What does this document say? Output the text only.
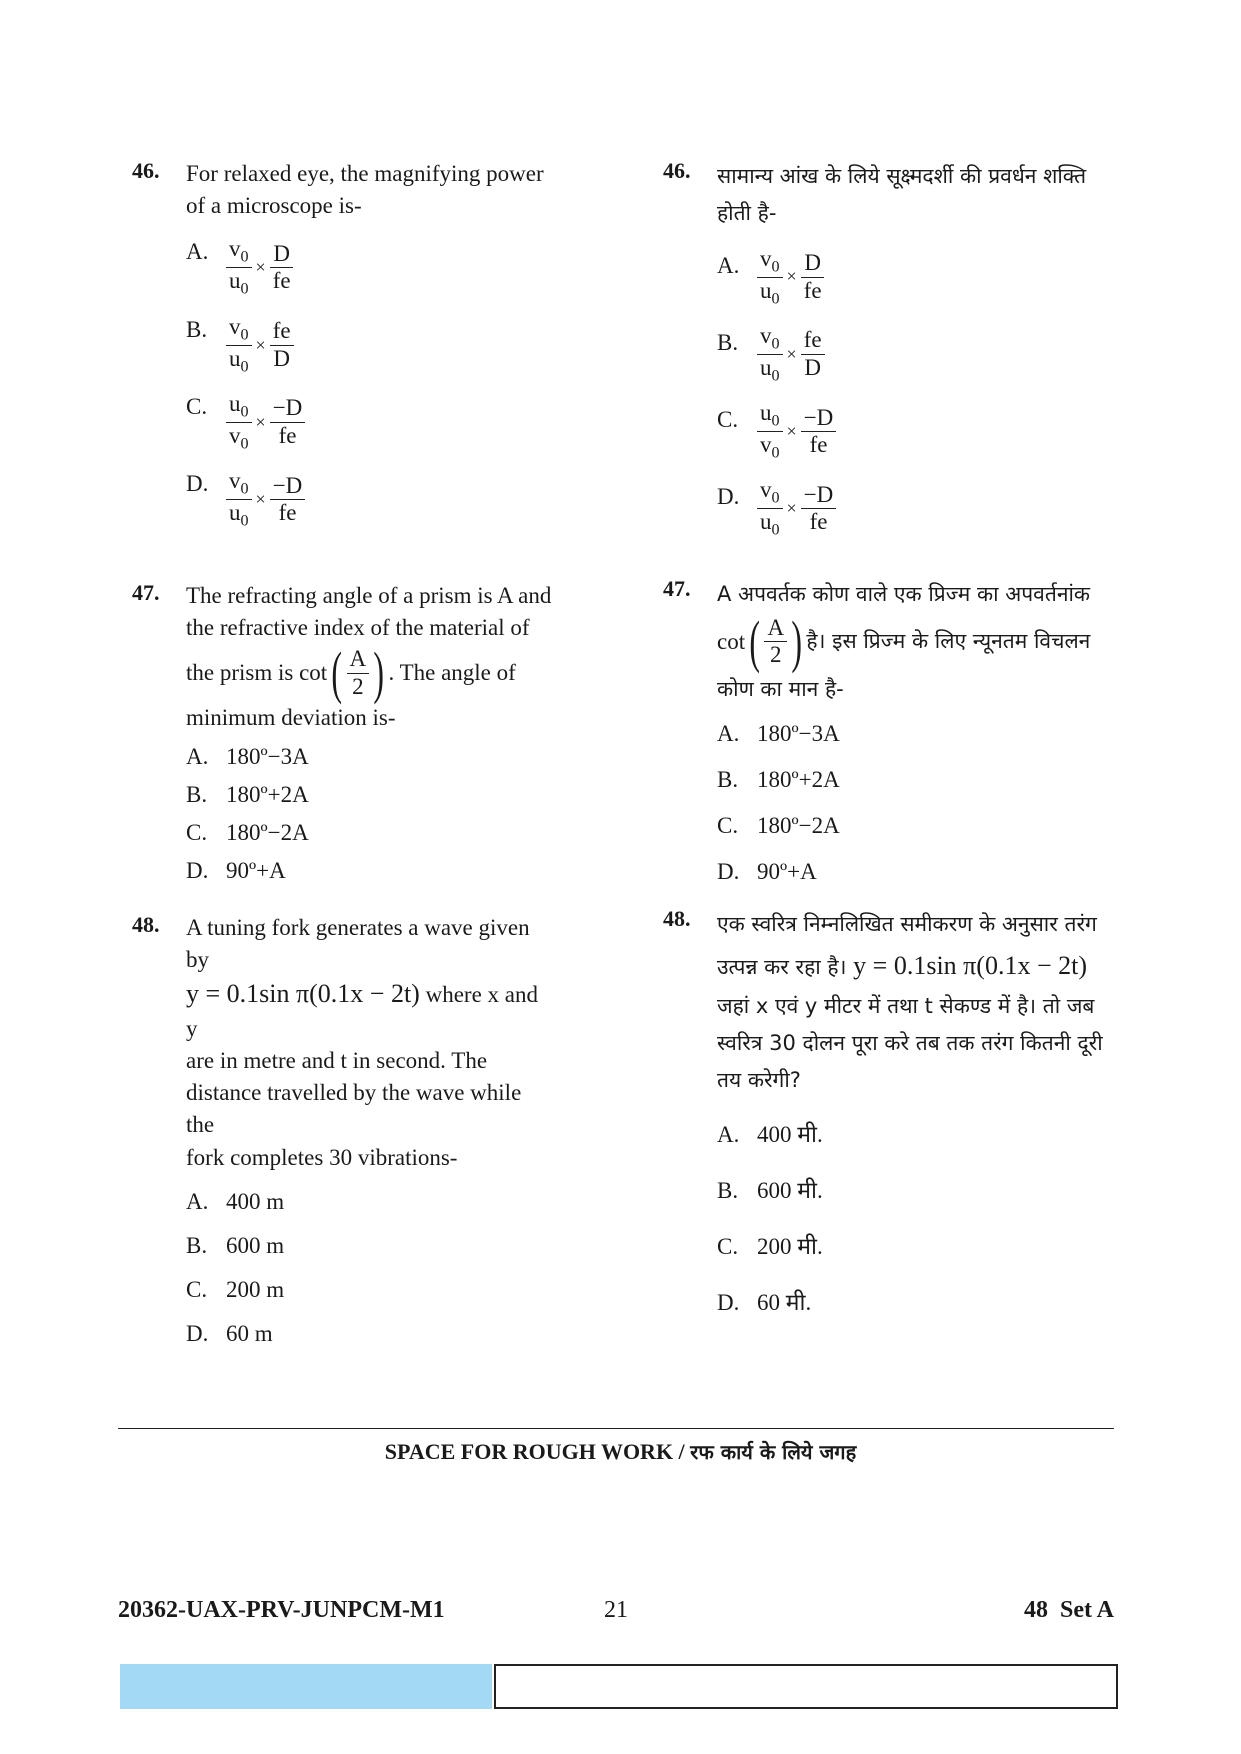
46. For relaxed eye, the magnifying power
of a microscope is-
A. $\frac{v_0}{u_0} \times \frac{D}{fe}$
B. $\frac{v_0}{u_0} \times \frac{fe}{D}$
C. $\frac{u_0}{v_0} \times \frac{-D}{fe}$
D. $\frac{v_0}{u_0} \times \frac{-D}{fe}$
47. The refracting angle of a prism is A and
the refractive index of the material of
the prism is
cot ( $\frac{A}{2}$ ) . The angle of
minimum deviation is-
A. 180º−3A
B. 180º+2A
C. 180º−2A
D. 90º+A
48. A tuning fork generates a wave given by
y = 0.1sin π(0.1x − 2t) where x and y
are in metre and t in second. The
distance travelled by the wave while the
fork completes 30 vibrations-
A. 400 m
B. 600 m
C. 200 m
D. 60 m
46. सामान्य आंख के लिये सूक्ष्मदर्शी की प्रवर्धन शक्ति
होती है-
A. $\frac{v_0}{u_0} \times \frac{D}{fe}$
B. $\frac{v_0}{u_0} \times \frac{fe}{D}$
C. $\frac{u_0}{v_0} \times \frac{-D}{fe}$
D. $\frac{v_0}{u_0} \times \frac{-D}{fe}$
47. A अपवर्तक कोण वाले एक प्रिज्म का अपवर्तनांक
cot ( $\frac{A}{2}$ ) है। इस प्रिज्म के लिए न्यूनतम विचलन
कोण का मान है-
A. 180º−3A
B. 180º+2A
C. 180º−2A
D. 90º+A
48. एक स्वरित्र निम्नलिखित समीकरण के अनुसार तरंग
उत्पन्न कर रहा है। y = 0.1sin π(0.1x − 2t)
जहां x एवं y मीटर में तथा t सेकण्ड में है। तो जब
स्वरित्र 30 दोलन पूरा करे तब तक तरंग कितनी दूरी
तय करेगी?
A. 400 मी.
B. 600 मी.
C. 200 मी.
D. 60 मी.
SPACE FOR ROUGH WORK / रफ कार्य के लिये जगह
20362-UAX-PRV-JUNPCM-M1	21	48  Set A
